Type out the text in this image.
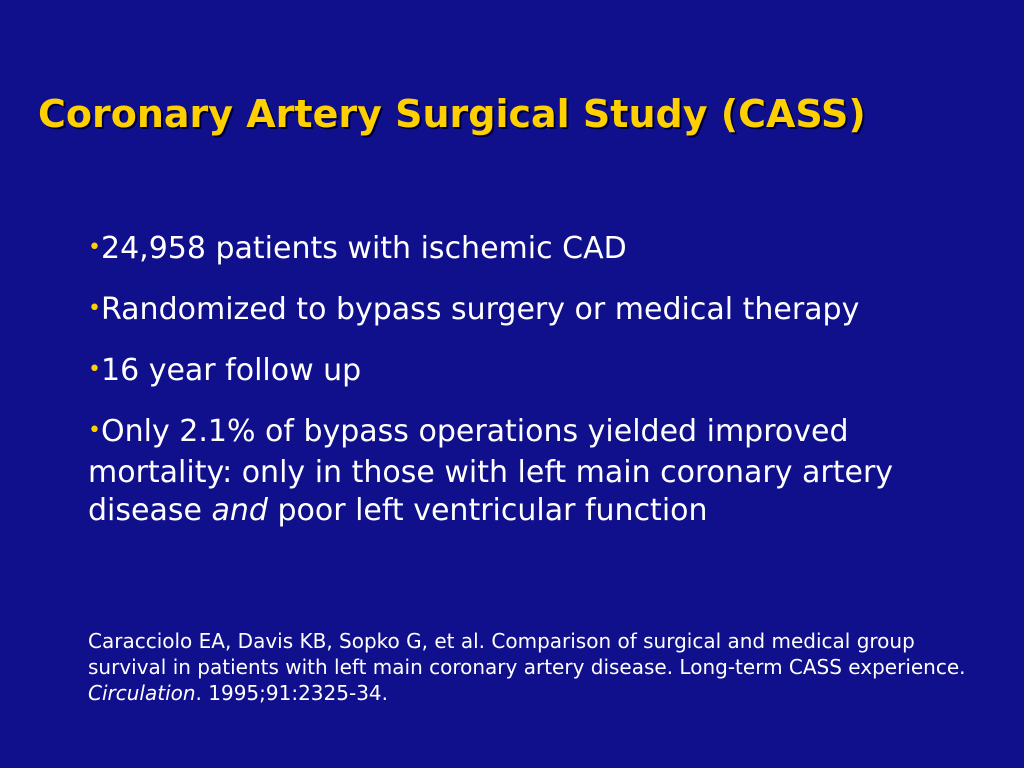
Coronary Artery Surgical Study (CASS)
•24,958 patients with ischemic CAD
•Randomized to bypass surgery or medical therapy
•16 year follow up
•Only 2.1% of bypass operations yielded improved mortality: only in those with left main coronary artery disease and poor left ventricular function

Caracciolo EA, Davis KB, Sopko G, et al. Comparison of surgical and medical group survival in patients with left main coronary artery disease. Long-term CASS experience. Circulation. 1995;91:2325-34.
